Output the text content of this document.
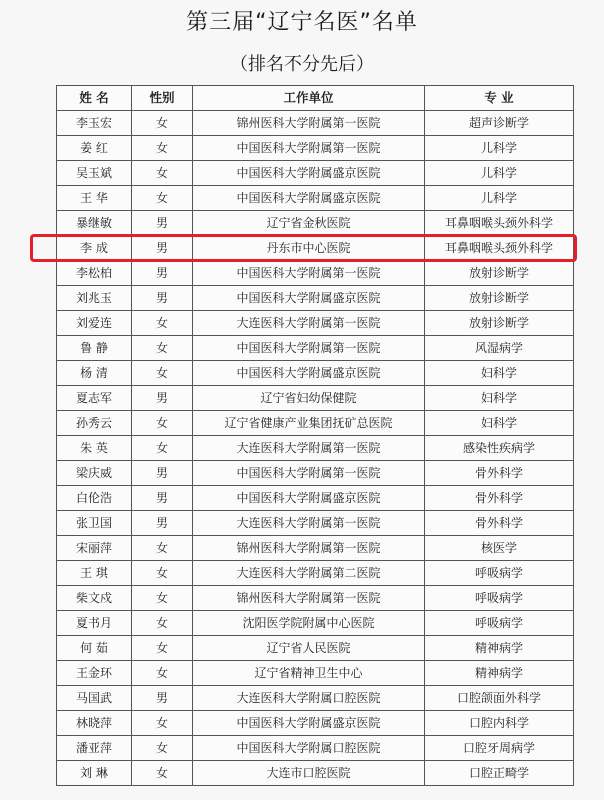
第三届“辽宁名医”名单
（排名不分先后）
姓 名	性别	工作单位	专 业
李玉宏	女	锦州医科大学附属第一医院	超声诊断学
姜 红	女	中国医科大学附属第一医院	儿科学
吴玉斌	女	中国医科大学附属盛京医院	儿科学
王 华	女	中国医科大学附属盛京医院	儿科学
暴继敏	男	辽宁省金秋医院	耳鼻咽喉头颈外科学
李 成	男	丹东市中心医院	耳鼻咽喉头颈外科学
李松柏	男	中国医科大学附属第一医院	放射诊断学
刘兆玉	男	中国医科大学附属盛京医院	放射诊断学
刘爱连	女	大连医科大学附属第一医院	放射诊断学
鲁 静	女	中国医科大学附属第一医院	风湿病学
杨 清	女	中国医科大学附属盛京医院	妇科学
夏志军	男	辽宁省妇幼保健院	妇科学
孙秀云	女	辽宁省健康产业集团抚矿总医院	妇科学
朱 英	女	大连医科大学附属第一医院	感染性疾病学
梁庆威	男	中国医科大学附属第一医院	骨外科学
白伦浩	男	中国医科大学附属盛京医院	骨外科学
张卫国	男	大连医科大学附属第一医院	骨外科学
宋丽萍	女	锦州医科大学附属第一医院	核医学
王 琪	女	大连医科大学附属第二医院	呼吸病学
柴文戍	女	锦州医科大学附属第一医院	呼吸病学
夏书月	女	沈阳医学院附属中心医院	呼吸病学
何 茹	女	辽宁省人民医院	精神病学
王金环	女	辽宁省精神卫生中心	精神病学
马国武	男	大连医科大学附属口腔医院	口腔颌面外科学
林晓萍	女	中国医科大学附属盛京医院	口腔内科学
潘亚萍	女	中国医科大学附属口腔医院	口腔牙周病学
刘 琳	女	大连市口腔医院	口腔正畸学
